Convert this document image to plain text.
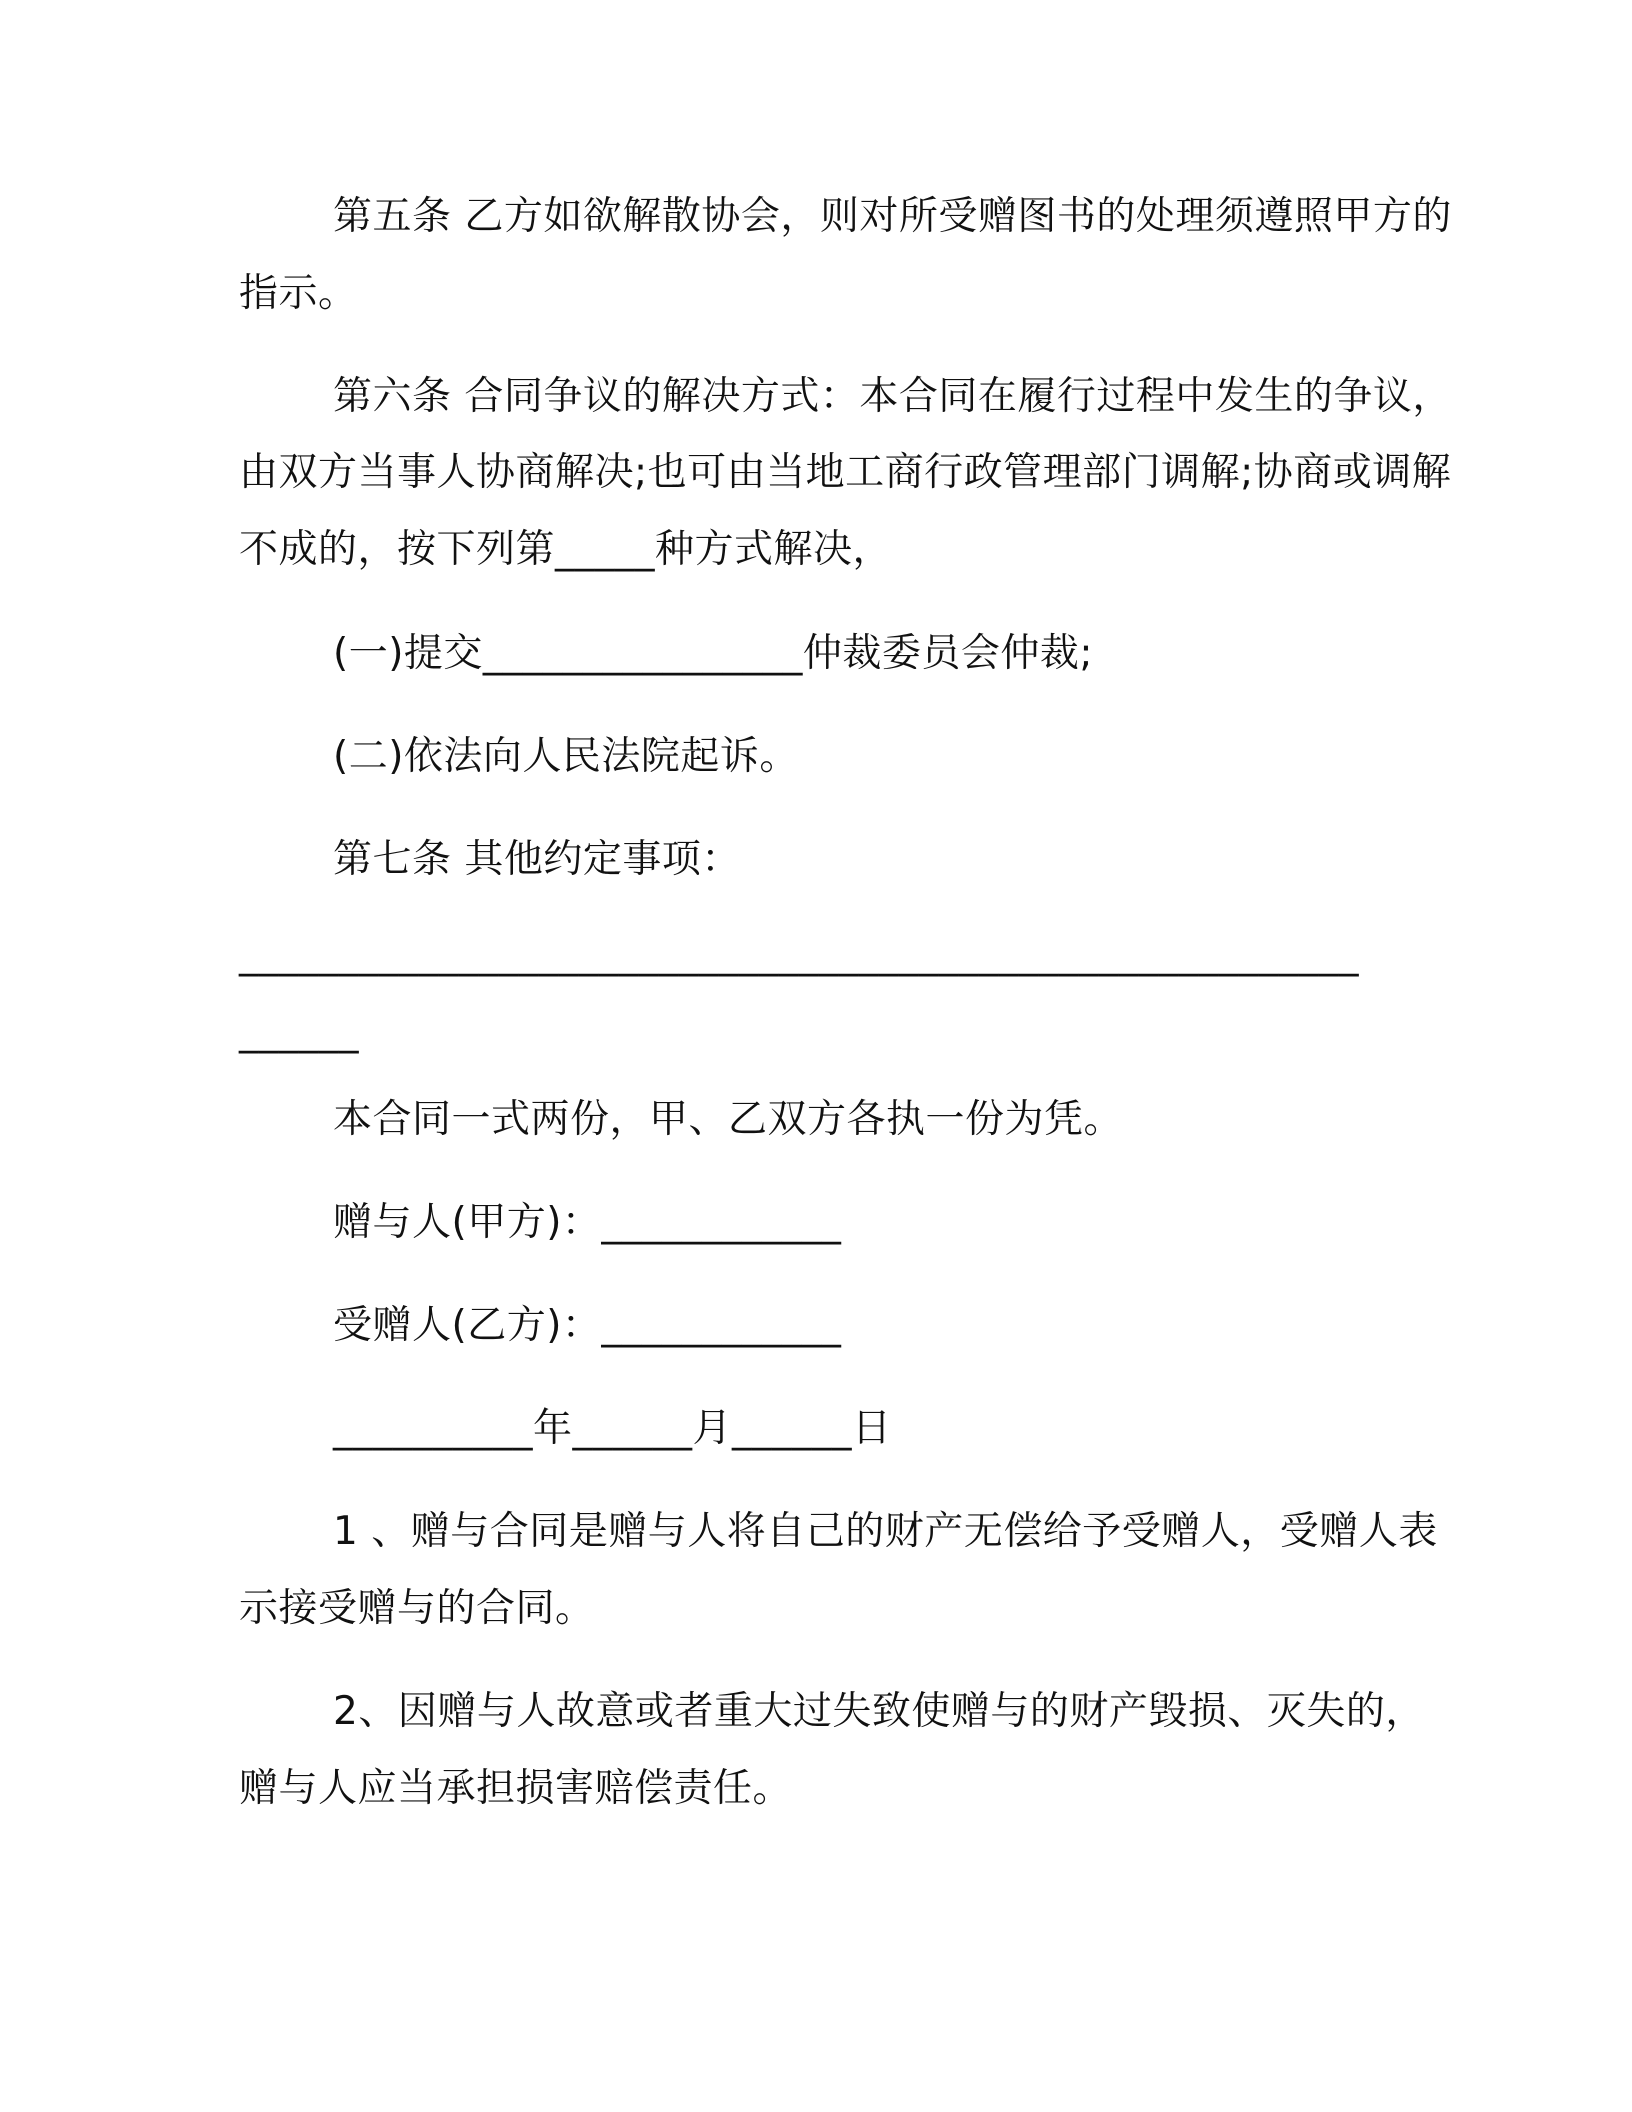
第五条 乙方如欲解散协会，则对所受赠图书的处理须遵照甲方的
指示。
第六条 合同争议的解决方式：本合同在履行过程中发生的争议，
由双方当事人协商解决;也可由当地工商行政管理部门调解;协商或调解
不成的，按下列第_____种方式解决，
(一)提交________________仲裁委员会仲裁;
(二)依法向人民法院起诉。
第七条 其他约定事项：
________________________________________________________
______
本合同一式两份，甲、乙双方各执一份为凭。
赠与人(甲方)：____________
受赠人(乙方)：____________
__________年______月______日
1 、赠与合同是赠与人将自己的财产无偿给予受赠人，受赠人表
示接受赠与的合同。
2、因赠与人故意或者重大过失致使赠与的财产毁损、灭失的，
赠与人应当承担损害赔偿责任。
